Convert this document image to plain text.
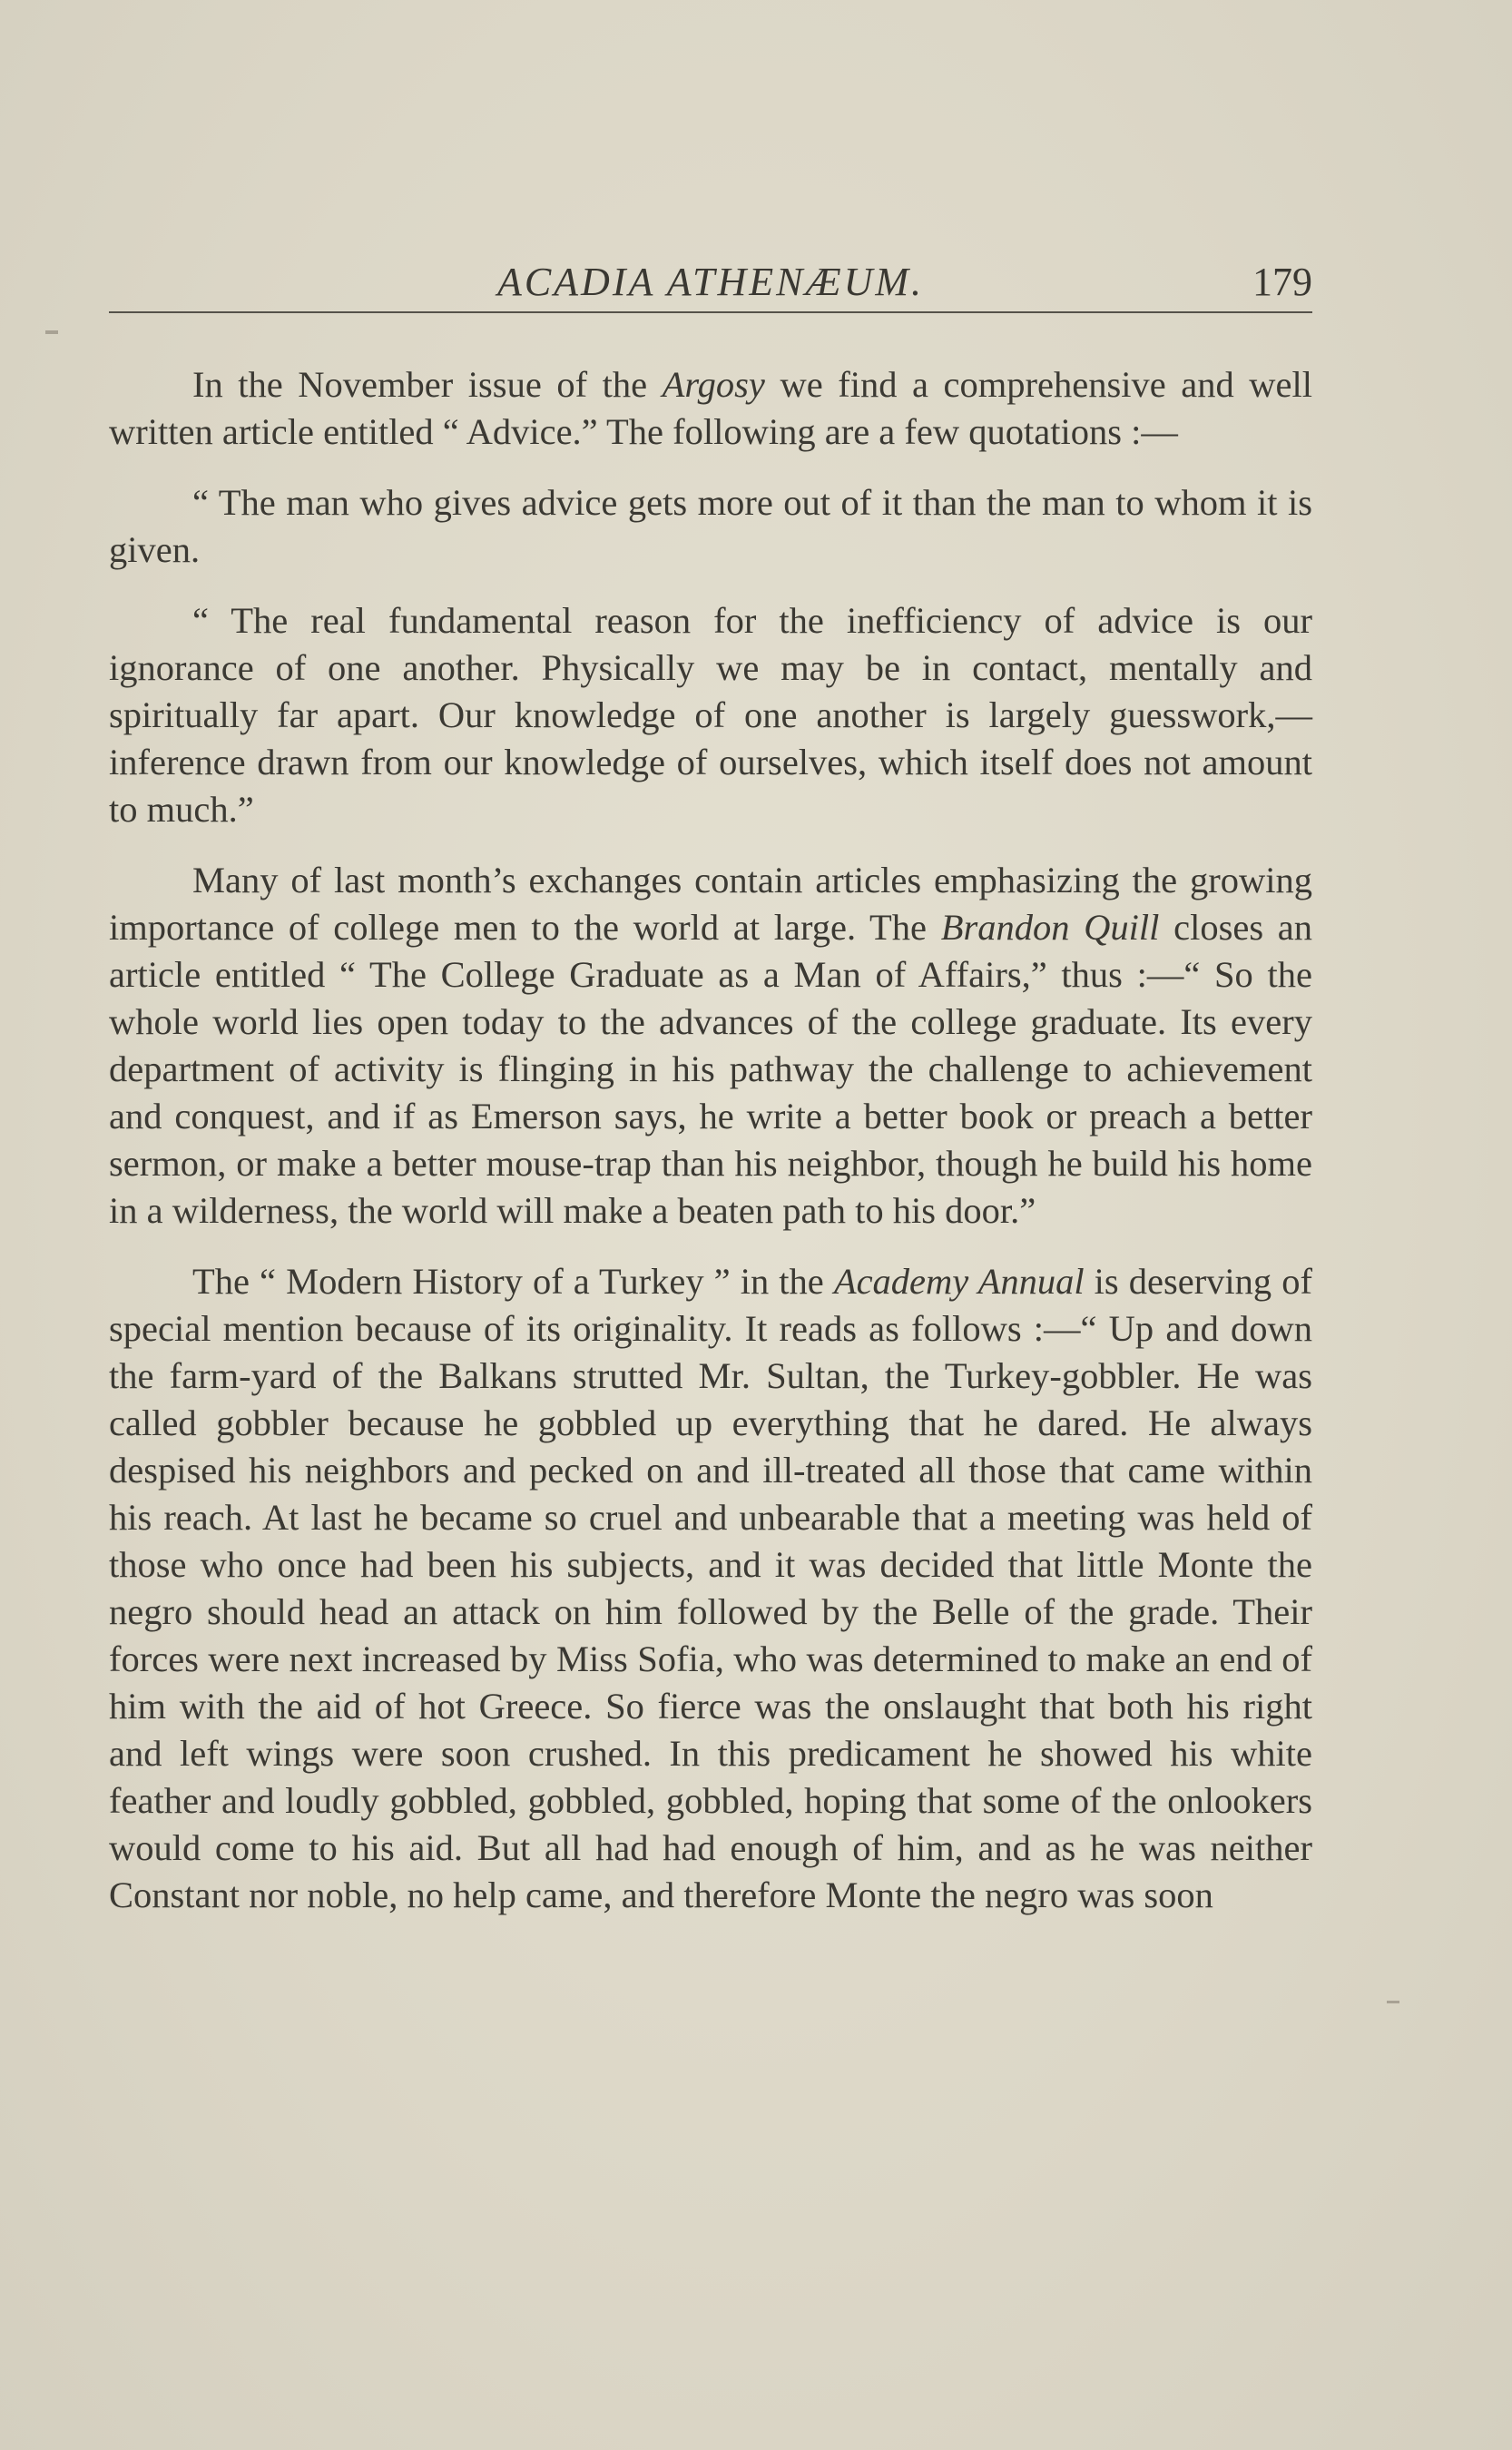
ACADIA ATHENÆUM.	179

In the November issue of the Argosy we find a comprehensive and well written article entitled “ Advice.” The following are a few quotations :—

“ The man who gives advice gets more out of it than the man to whom it is given.

“ The real fundamental reason for the inefficiency of advice is our ignorance of one another. Physically we may be in contact, mentally and spiritually far apart. Our knowledge of one another is largely guesswork,—inference drawn from our knowledge of ourselves, which itself does not amount to much.”

Many of last month’s exchanges contain articles emphasizing the growing importance of college men to the world at large. The Brandon Quill closes an article entitled “ The College Graduate as a Man of Affairs,” thus :—“ So the whole world lies open today to the advances of the college graduate. Its every department of activity is flinging in his pathway the challenge to achievement and conquest, and if as Emerson says, he write a better book or preach a better sermon, or make a better mouse-trap than his neighbor, though he build his home in a wilderness, the world will make a beaten path to his door.”

The “ Modern History of a Turkey ” in the Academy Annual is deserving of special mention because of its originality. It reads as follows :—“ Up and down the farm-yard of the Balkans strutted Mr. Sultan, the Turkey-gobbler. He was called gobbler because he gobbled up everything that he dared. He always despised his neighbors and pecked on and ill-treated all those that came within his reach. At last he became so cruel and unbearable that a meeting was held of those who once had been his subjects, and it was decided that little Monte the negro should head an attack on him followed by the Belle of the grade. Their forces were next increased by Miss Sofia, who was determined to make an end of him with the aid of hot Greece. So fierce was the onslaught that both his right and left wings were soon crushed. In this predicament he showed his white feather and loudly gobbled, gobbled, gobbled, hoping that some of the onlookers would come to his aid. But all had had enough of him, and as he was neither Constant nor noble, no help came, and therefore Monte the negro was soon
